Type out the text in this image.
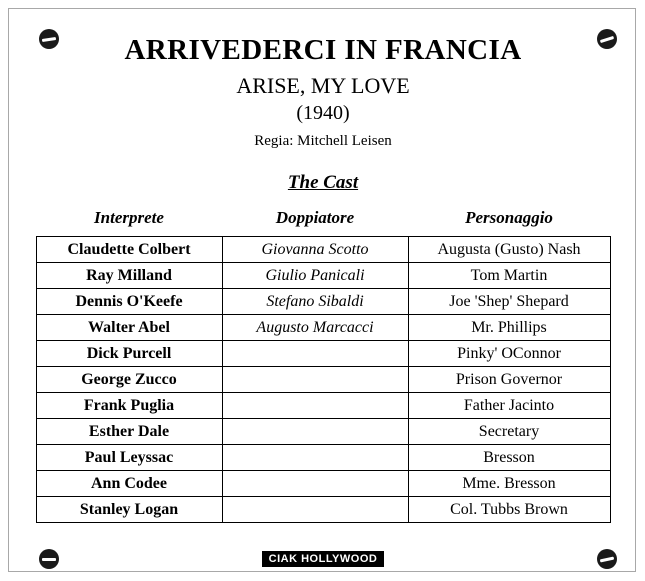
ARRIVEDERCI IN FRANCIA
ARISE, MY LOVE
(1940)
Regia: Mitchell Leisen
The Cast
Interprete	Doppiatore	Personaggio
Claudette Colbert	Giovanna Scotto	Augusta (Gusto) Nash
Ray Milland	Giulio Panicali	Tom Martin
Dennis O'Keefe	Stefano Sibaldi	Joe 'Shep' Shepard
Walter Abel	Augusto Marcacci	Mr. Phillips
Dick Purcell		Pinky' OConnor
George Zucco		Prison Governor
Frank Puglia		Father Jacinto
Esther Dale		Secretary
Paul Leyssac		Bresson
Ann Codee		Mme. Bresson
Stanley Logan		Col. Tubbs Brown
CIAK HOLLYWOOD
